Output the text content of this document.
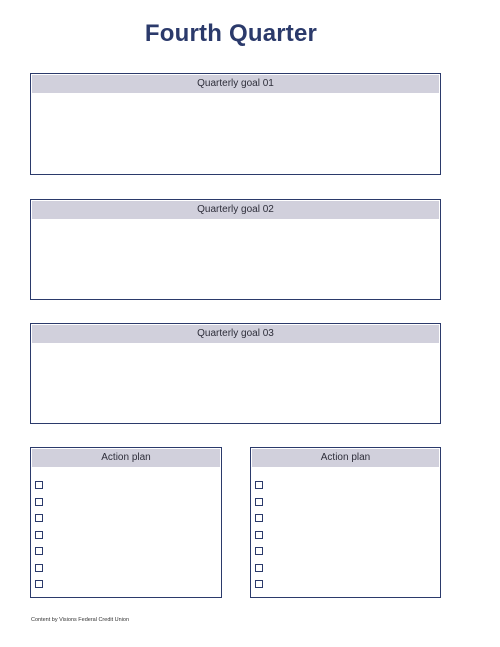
Fourth Quarter
Quarterly goal 01
Quarterly goal 02
Quarterly goal 03
Action plan	Action plan
Content by Visions Federal Credit Union
